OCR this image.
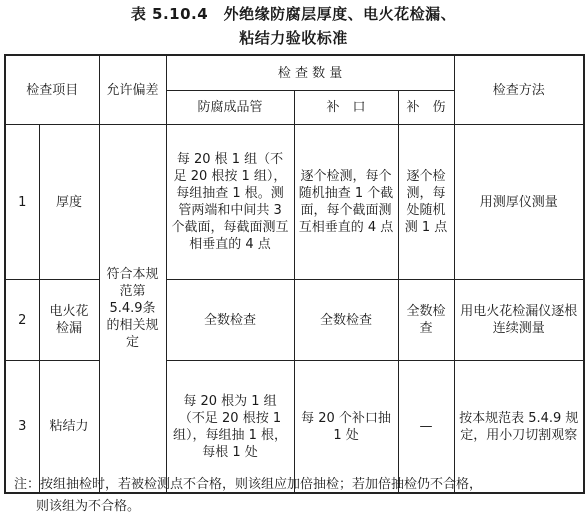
表 5.10.4　外绝缘防腐层厚度、电火花检漏、
粘结力验收标准
检查项目		允许偏差	检 查 数 量			检查方法
			防腐成品管	补　口	补　伤	
1	厚度	符合本规范第5.4.9条的相关规定	每 20 根 1 组（不足 20 根按 1 组），每组抽查 1 根。测管两端和中间共 3 个截面，每截面测互相垂直的 4 点	逐个检测，每个随机抽查 1 个截面，每个截面测互相垂直的 4 点	逐个检测，每处随机测 1 点	用测厚仪测量
2	电火花检漏		全数检查	全数检查	全数检查	用电火花检漏仪逐根连续测量
3	粘结力		每 20 根为 1 组（不足 20 根按 1 组），每组抽 1 根，每根 1 处	每 20 个补口抽 1 处	—	按本规范表 5.4.9 规定，用小刀切割观察
注：按组抽检时，若被检测点不合格，则该组应加倍抽检；若加倍抽检仍不合格，
则该组为不合格。
